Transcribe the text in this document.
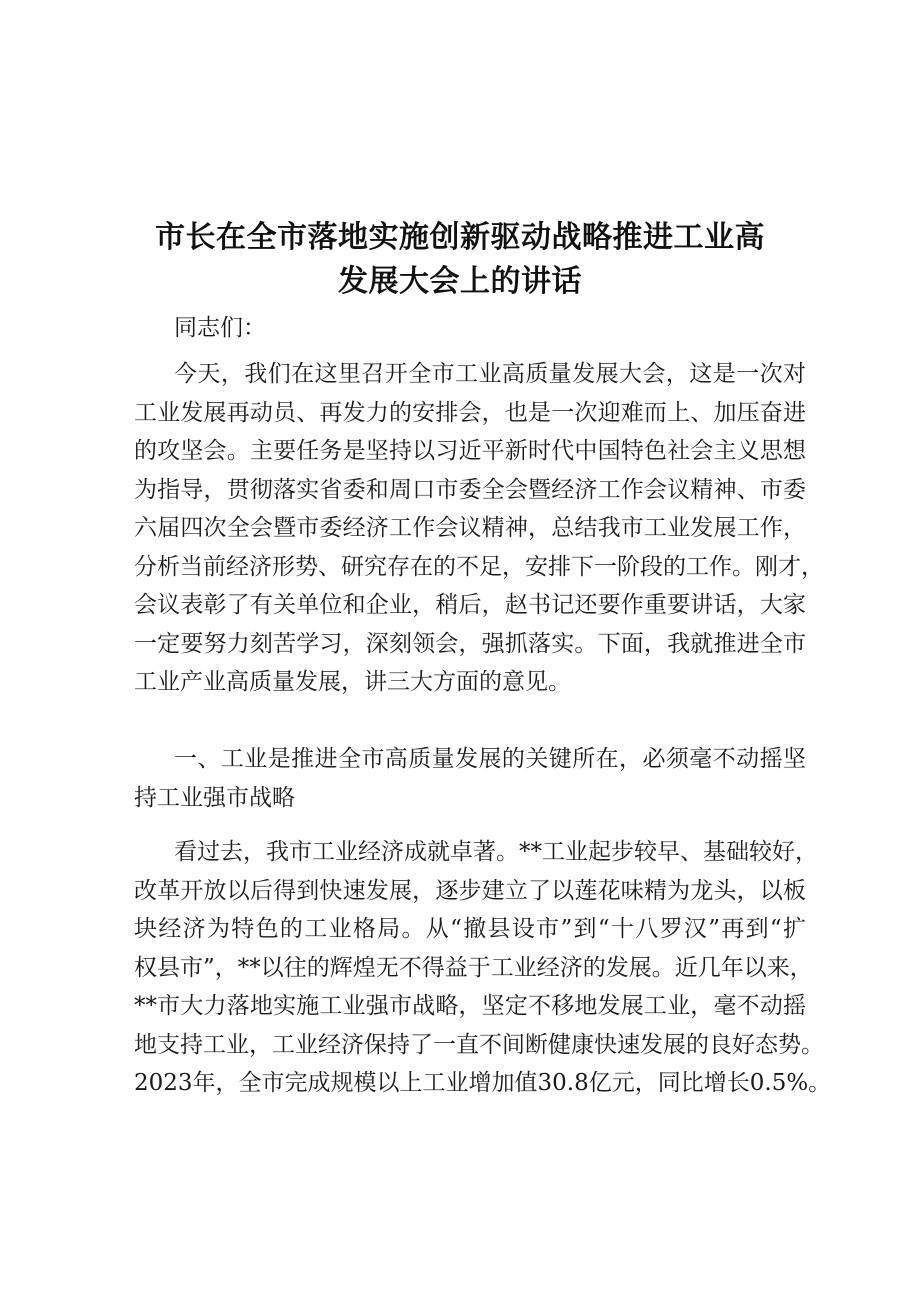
市长在全市落地实施创新驱动战略推进工业高
发展大会上的讲话
同志们：
今天，我们在这里召开全市工业高质量发展大会，这是一次对
工业发展再动员、再发力的安排会，也是一次迎难而上、加压奋进
的攻坚会。主要任务是坚持以习近平新时代中国特色社会主义思想
为指导，贯彻落实省委和周口市委全会暨经济工作会议精神、市委
六届四次全会暨市委经济工作会议精神，总结我市工业发展工作，
分析当前经济形势、研究存在的不足，安排下一阶段的工作。刚才，
会议表彰了有关单位和企业，稍后，赵书记还要作重要讲话，大家
一定要努力刻苦学习，深刻领会，强抓落实。下面，我就推进全市
工业产业高质量发展，讲三大方面的意见。
一、工业是推进全市高质量发展的关键所在，必须毫不动摇坚
持工业强市战略
看过去，我市工业经济成就卓著。**工业起步较早、基础较好，
改革开放以后得到快速发展，逐步建立了以莲花味精为龙头，以板
块经济为特色的工业格局。从“撤县设市”到“十八罗汉”再到“扩
权县市”，**以往的辉煌无不得益于工业经济的发展。近几年以来，
**市大力落地实施工业强市战略，坚定不移地发展工业，毫不动摇
地支持工业，工业经济保持了一直不间断健康快速发展的良好态势。
2023年，全市完成规模以上工业增加值30.8亿元，同比增长0.5%。
